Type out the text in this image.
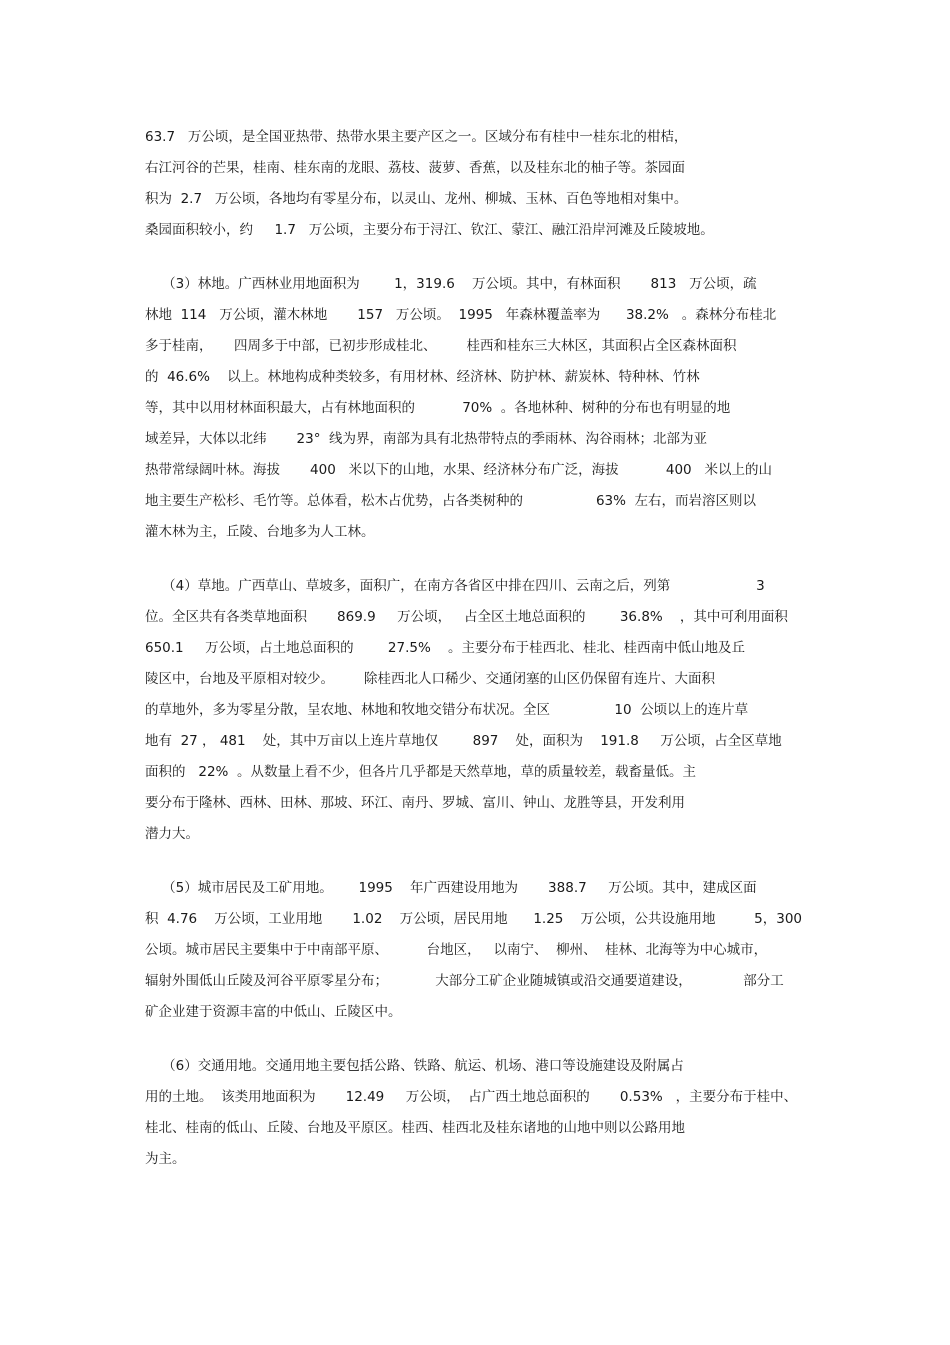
63.7   万公顷，是全国亚热带、热带水果主要产区之一。区域分布有桂中一桂东北的柑桔，
右江河谷的芒果，桂南、桂东南的龙眼、荔枝、菠萝、香蕉，以及桂东北的柚子等。茶园面
积为  2.7   万公顷，各地均有零星分布，以灵山、龙州、柳城、玉林、百色等地相对集中。
桑园面积较小，约     1.7   万公顷，主要分布于浔江、钦江、蒙江、融江沿岸河滩及丘陵坡地。
（3）林地。广西林业用地面积为        1，319.6    万公顷。其中，有林面积       813   万公顷，疏
林地  114   万公顷，灌木林地       157   万公顷。  1995   年森林覆盖率为      38.2%   。森林分布桂北
多于桂南，     四周多于中部，已初步形成桂北、       桂西和桂东三大林区，其面积占全区森林面积
的  46.6%    以上。林地构成种类较多，有用材林、经济林、防护林、薪炭林、特种林、竹林
等，其中以用材林面积最大，占有林地面积的           70%  。各地林种、树种的分布也有明显的地
域差异，大体以北纬       23°  线为界，南部为具有北热带特点的季雨林、沟谷雨林；北部为亚
热带常绿阔叶林。海拔       400   米以下的山地，水果、经济林分布广泛，海拔           400   米以上的山
地主要生产松杉、毛竹等。总体看，松木占优势，占各类树种的                 63%  左右，而岩溶区则以
灌木林为主，丘陵、台地多为人工林。
（4）草地。广西草山、草坡多，面积广，在南方各省区中排在四川、云南之后，列第                    3
位。全区共有各类草地面积       869.9     万公顷，   占全区土地总面积的        36.8%    ，其中可利用面积
650.1     万公顷，占土地总面积的        27.5%    。主要分布于桂西北、桂北、桂西南中低山地及丘
陵区中，台地及平原相对较少。       除桂西北人口稀少、交通闭塞的山区仍保留有连片、大面积
的草地外，多为零星分散，呈农地、林地和牧地交错分布状况。全区               10  公顷以上的连片草
地有  27 ， 481    处，其中万亩以上连片草地仅        897    处，面积为    191.8     万公顷，占全区草地
面积的   22%  。从数量上看不少，但各片几乎都是天然草地，草的质量较差，载畜量低。主
要分布于隆林、西林、田林、那坡、环江、南丹、罗城、富川、钟山、龙胜等县，开发利用
潜力大。
（5）城市居民及工矿用地。      1995    年广西建设用地为       388.7     万公顷。其中，建成区面
积  4.76    万公顷，工业用地       1.02    万公顷，居民用地      1.25    万公顷，公共设施用地         5，300
公顷。城市居民主要集中于中南部平原、         台地区，   以南宁、  柳州、  桂林、北海等为中心城市，
辐射外围低山丘陵及河谷平原零星分布；           大部分工矿企业随城镇或沿交通要道建设，            部分工
矿企业建于资源丰富的中低山、丘陵区中。
（6）交通用地。交通用地主要包括公路、铁路、航运、机场、港口等设施建设及附属占
用的土地。  该类用地面积为       12.49     万公顷，  占广西土地总面积的       0.53%   ，主要分布于桂中、
桂北、桂南的低山、丘陵、台地及平原区。桂西、桂西北及桂东诸地的山地中则以公路用地
为主。
